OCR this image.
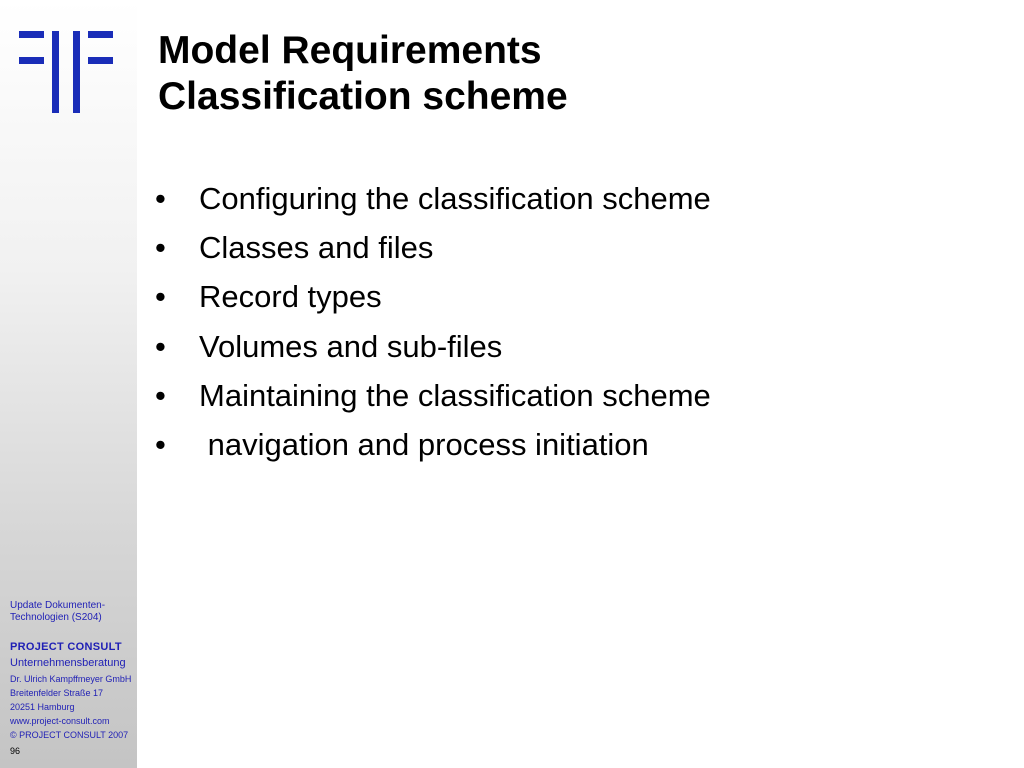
Update Dokumenten-
Technologien (S204)
PROJECT CONSULT
Unternehmensberatung
Dr. Ulrich Kampffmeyer GmbH
Breitenfelder Straße 17
20251 Hamburg
www.project-consult.com
© PROJECT CONSULT 2007
96
Model Requirements
Classification scheme
•	Configuring the classification scheme
•	Classes and files
•	Record types
•	Volumes and sub-files
•	Maintaining the classification scheme
•	navigation and process initiation
